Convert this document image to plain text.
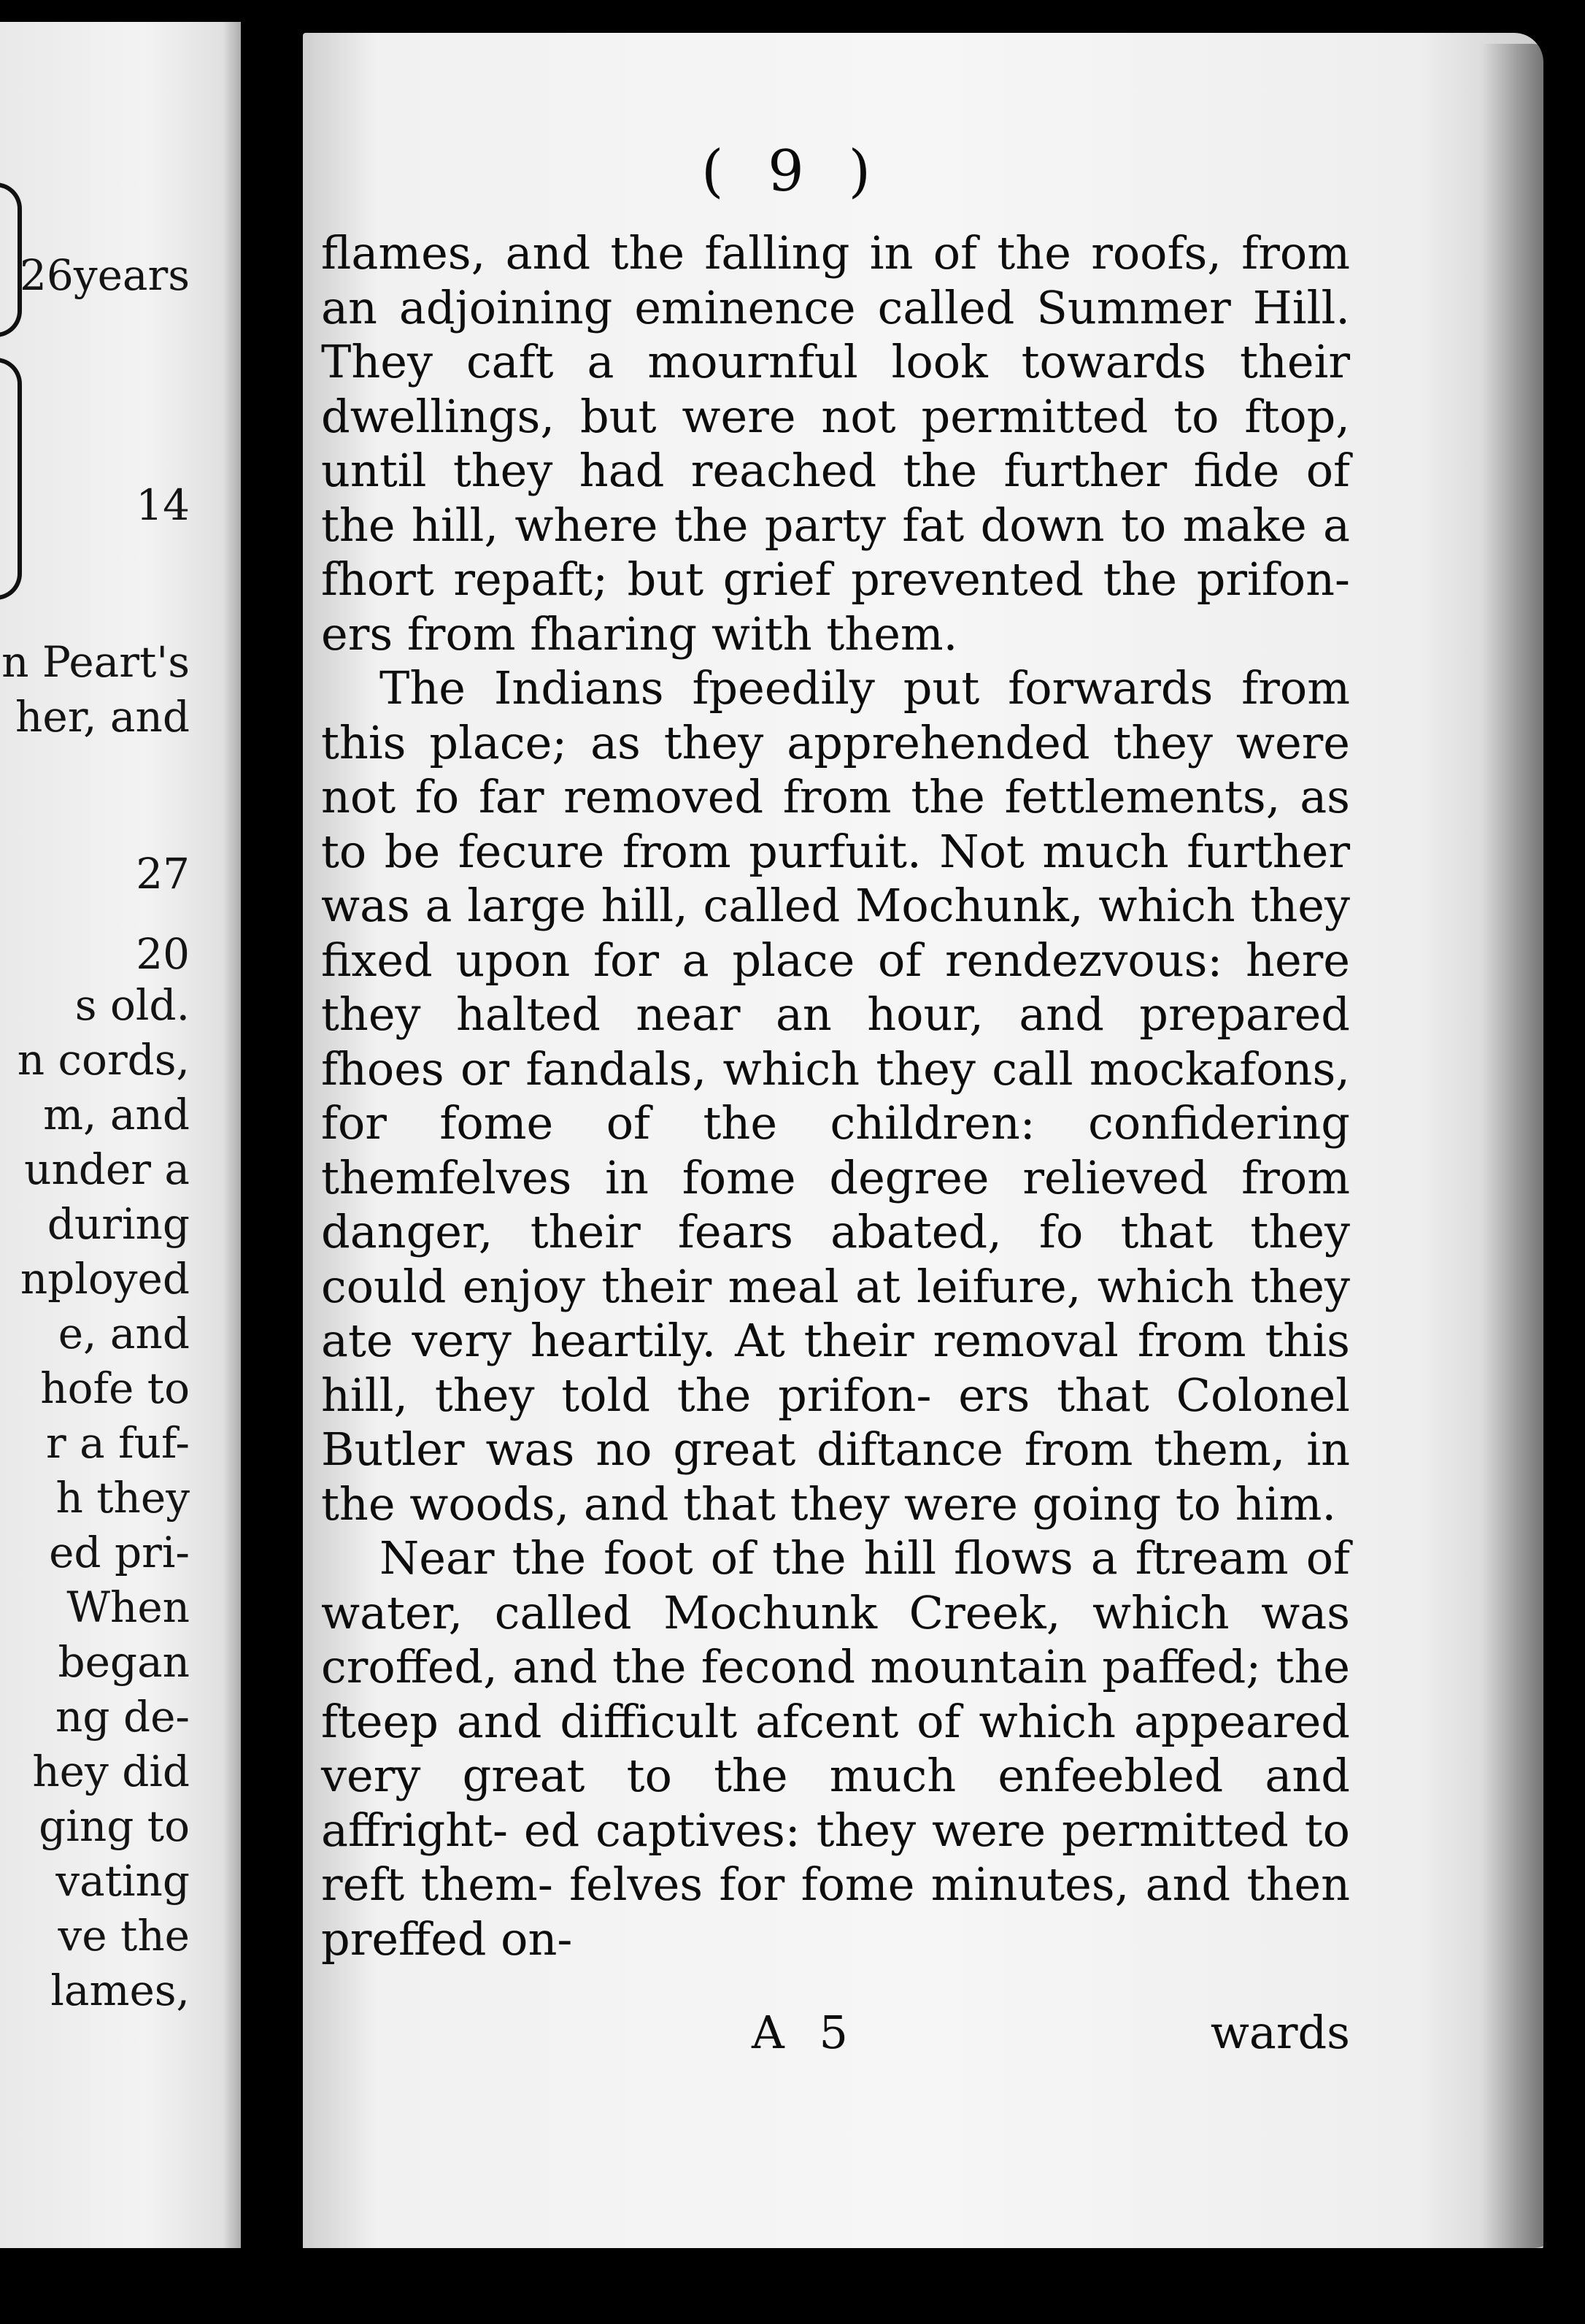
26years
14
n Peart's
her, and
27
20
s old.
n cords,
m, and
under a
during
nployed
e, and
hofe to
r a fuf-
h they
ed pri-
When
began
ng de-
hey did
ging to
vating
ve the
lames,
( 9 )

flames, and the falling in of the roofs, from an adjoining eminence called Summer Hill. They caft a mournful look towards their dwellings, but were not permitted to ftop, until they had reached the further fide of the hill, where the party fat down to make a fhort repaft; but grief prevented the prifon- ers from fharing with them.

The Indians fpeedily put forwards from this place; as they apprehended they were not fo far removed from the fettlements, as to be fecure from purfuit. Not much further was a large hill, called Mochunk, which they fixed upon for a place of rendezvous: here they halted near an hour, and prepared fhoes or fandals, which they call mockafons, for fome of the children: confidering themfelves in fome degree relieved from danger, their fears abated, fo that they could enjoy their meal at leifure, which they ate very heartily. At their removal from this hill, they told the prifon- ers that Colonel Butler was no great diftance from them, in the woods, and that they were going to him.

Near the foot of the hill flows a ftream of water, called Mochunk Creek, which was croffed, and the fecond mountain paffed; the fteep and difficult afcent of which appeared very great to the much enfeebled and affright- ed captives: they were permitted to reft them- felves for fome minutes, and then preffed on-

A 5	wards
